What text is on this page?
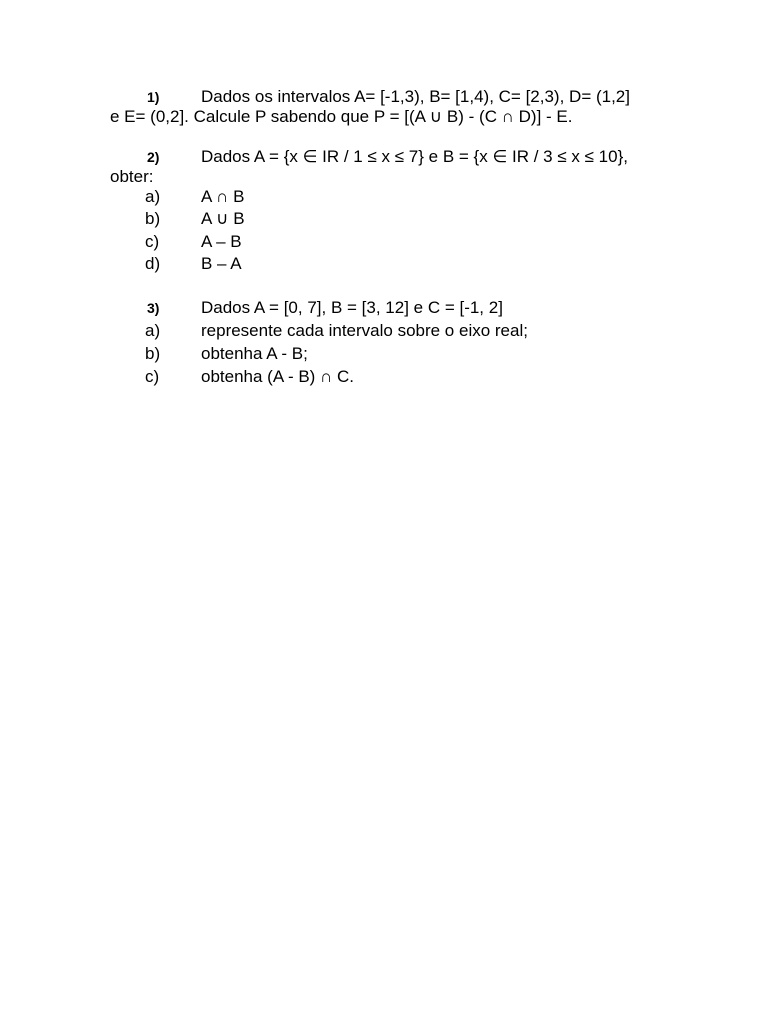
1) Dados os intervalos A= [-1,3), B= [1,4), C= [2,3), D= (1,2]
e E= (0,2]. Calcule P sabendo que P = [(A ∪ B) - (C ∩ D)] - E.
2) Dados A = {x ∈ IR / 1 ≤ x ≤ 7} e B = {x ∈ IR / 3 ≤ x ≤ 10},
obter:
a) A ∩ B
b) A ∪ B
c) A – B
d) B – A
3) Dados A = [0, 7], B = [3, 12] e C = [-1, 2]
a) represente cada intervalo sobre o eixo real;
b) obtenha A - B;
c) obtenha (A - B) ∩ C.
